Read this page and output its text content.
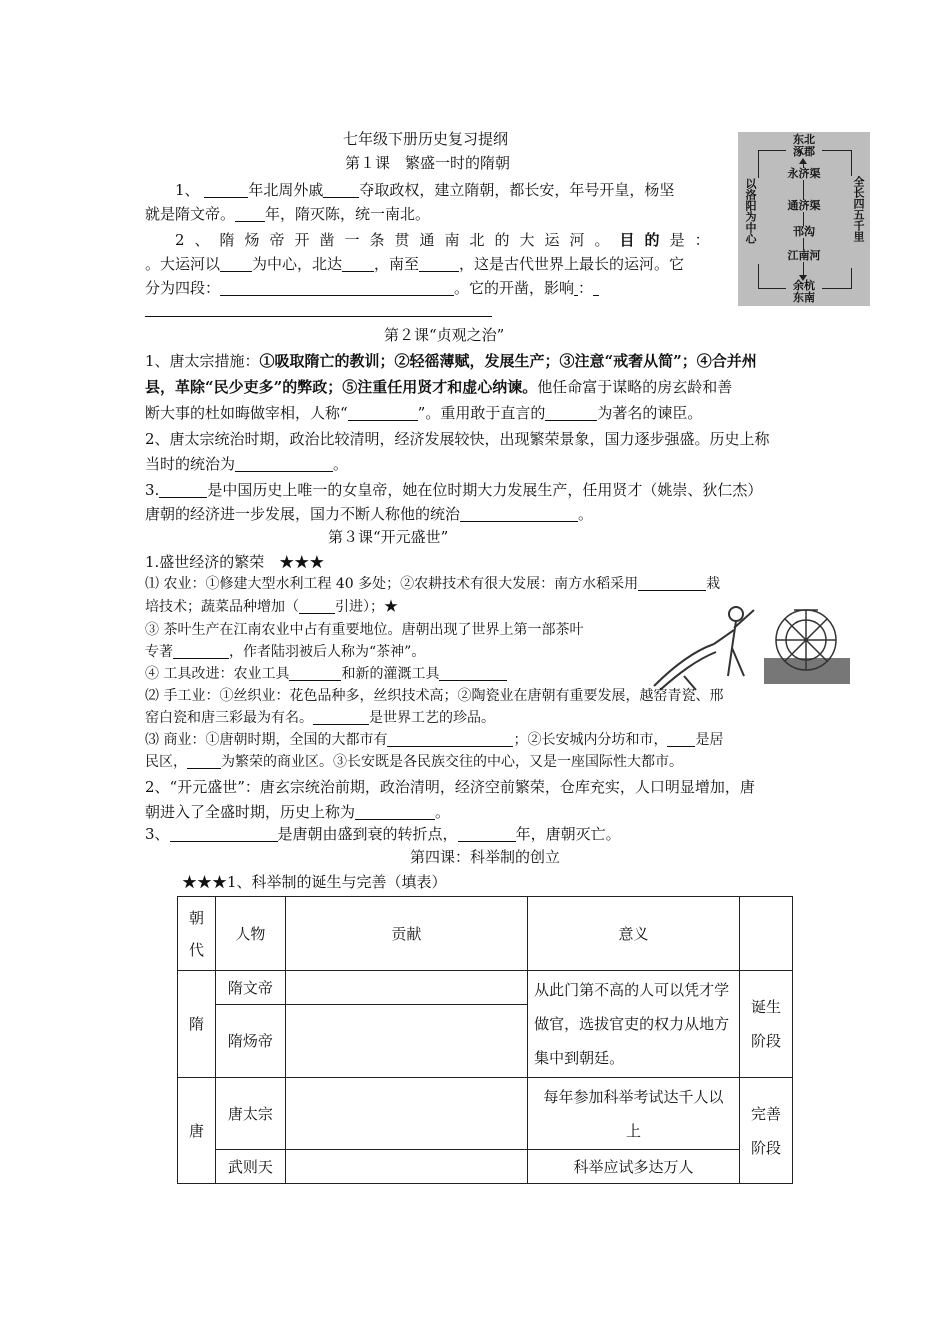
七年级下册历史复习提纲
第１课　繁盛一时的隋朝
1、	年北周外戚 夺取政权，建立隋朝，都长安，年号开皇，杨坚
就是隋文帝。 年，隋灭陈，统一南北。
2、隋炀帝开凿一条贯通南北的大运河。目的是：
。大运河以 为中心，北达 ，南至	，这是古代世界上最长的运河。它
分为四段：	。它的开凿，影响 ：
东北涿郡
以洛阳为中心	全长四五千里
永济渠
通济渠
邗沟
江南河
余杭东南
第２课“贞观之治”
1、唐太宗措施：①吸取隋亡的教训；②轻徭薄赋，发展生产；③注意“戒奢从简”；④合并州
县，革除“民少吏多”的弊政；⑤注重任用贤才和虚心纳谏。他任命富于谋略的房玄龄和善
断大事的杜如晦做宰相，人称“	”。重用敢于直言的	为著名的谏臣。
2、唐太宗统治时期，政治比较清明，经济发展较快，出现繁荣景象，国力逐步强盛。历史上称
当时的统治为	。
3.	是中国历史上唯一的女皇帝，她在位时期大力发展生产，任用贤才（姚崇、狄仁杰）
唐朝的经济进一步发展，国力不断人称他的统治	。
第３课“开元盛世”
1.盛世经济的繁荣　★★★
⑴ 农业：①修建大型水利工程 40 多处；②农耕技术有很大发展：南方水稻采用	栽
培技术；蔬菜品种增加（	引进）；★
③ 茶叶生产在江南农业中占有重要地位。唐朝出现了世界上第一部茶叶
专著	，作者陆羽被后人称为“茶神”。
④ 工具改进：农业工具	和新的灌溉工具
⑵ 手工业：①丝织业：花色品种多，丝织技术高；②陶瓷业在唐朝有重要发展，越窑青瓷、邢
窑白瓷和唐三彩最为有名。	是世界工艺的珍品。
⑶ 商业：①唐朝时期，全国的大都市有	；②长安城内分坊和市， 是居
民区， 为繁荣的商业区。③长安既是各民族交往的中心，又是一座国际性大都市。
2、“开元盛世”：唐玄宗统治前期，政治清明，经济空前繁荣，仓库充实，人口明显增加，唐
朝进入了全盛时期，历史上称为	。
3、	是唐朝由盛到衰的转折点，	年，唐朝灭亡。
第四课：科举制的创立
★★★1、科举制的诞生与完善（填表）
朝代	人物	贡献	意义	
隋	隋文帝		从此门第不高的人可以凭才学做官，选拔官吏的权力从地方集中到朝廷。	诞生阶段
	隋炀帝			
唐	唐太宗		每年参加科举考试达千人以上	完善阶段
	武则天		科举应试多达万人	
